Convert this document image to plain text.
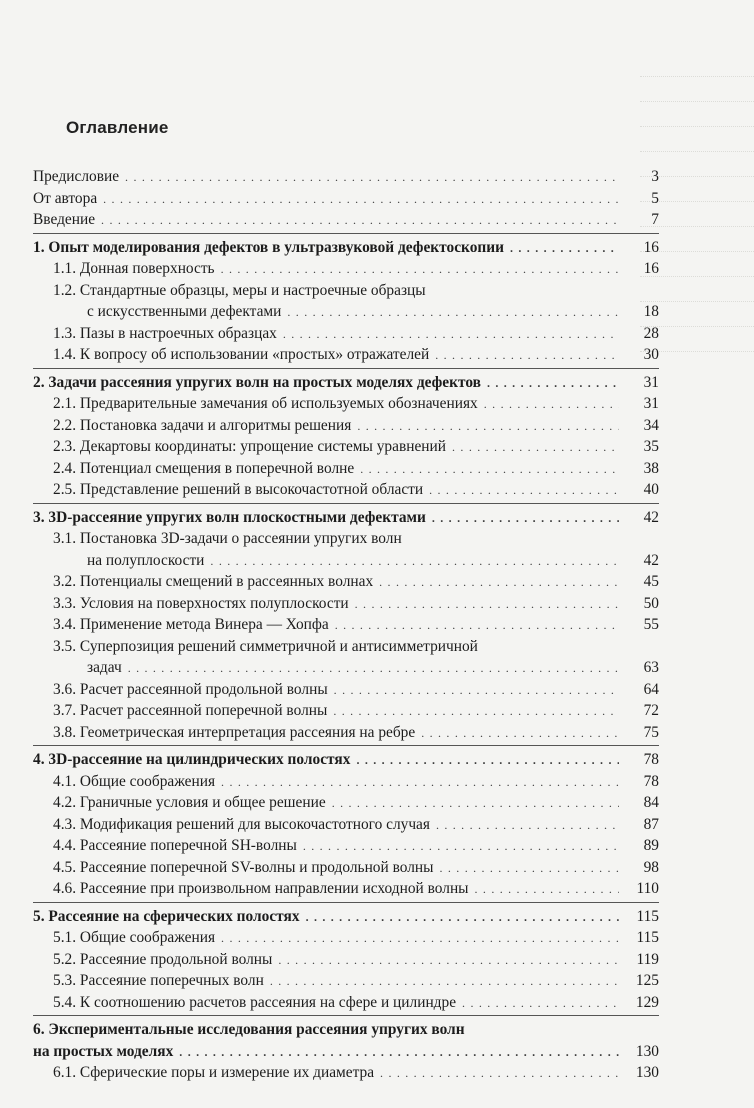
Оглавление
Предисловие . . .	3
От автора . . .	5
Введение . . .	7
1. Опыт моделирования дефектов в ультразвуковой дефектоскопии . . .	16
1.1. Донная поверхность . . .	16
1.2. Стандартные образцы, меры и настроечные образцы
с искусственными дефектами . . .	18
1.3. Пазы в настроечных образцах . . .	28
1.4. К вопросу об использовании «простых» отражателей . . .	30
2. Задачи рассеяния упругих волн на простых моделях дефектов . . .	31
2.1. Предварительные замечания об используемых обозначениях . . .	31
2.2. Постановка задачи и алгоритмы решения . . .	34
2.3. Декартовы координаты: упрощение системы уравнений . . .	35
2.4. Потенциал смещения в поперечной волне . . .	38
2.5. Представление решений в высокочастотной области . . .	40
3. 3D-рассеяние упругих волн плоскостными дефектами . . .	42
3.1. Постановка 3D-задачи о рассеянии упругих волн
на полуплоскости . . .	42
3.2. Потенциалы смещений в рассеянных волнах . . .	45
3.3. Условия на поверхностях полуплоскости . . .	50
3.4. Применение метода Винера — Хопфа . . .	55
3.5. Суперпозиция решений симметричной и антисимметричной
задач . . .	63
3.6. Расчет рассеянной продольной волны . . .	64
3.7. Расчет рассеянной поперечной волны . . .	72
3.8. Геометрическая интерпретация рассеяния на ребре . . .	75
4. 3D-рассеяние на цилиндрических полостях . . .	78
4.1. Общие соображения . . .	78
4.2. Граничные условия и общее решение . . .	84
4.3. Модификация решений для высокочастотного случая . . .	87
4.4. Рассеяние поперечной SH-волны . . .	89
4.5. Рассеяние поперечной SV-волны и продольной волны . . .	98
4.6. Рассеяние при произвольном направлении исходной волны . . .	110
5. Рассеяние на сферических полостях . . .	115
5.1. Общие соображения . . .	115
5.2. Рассеяние продольной волны . . .	119
5.3. Рассеяние поперечных волн . . .	125
5.4. К соотношению расчетов рассеяния на сфере и цилиндре . . .	129
6. Экспериментальные исследования рассеяния упругих волн
на простых моделях . . .	130
6.1. Сферические поры и измерение их диаметра . . .	130
